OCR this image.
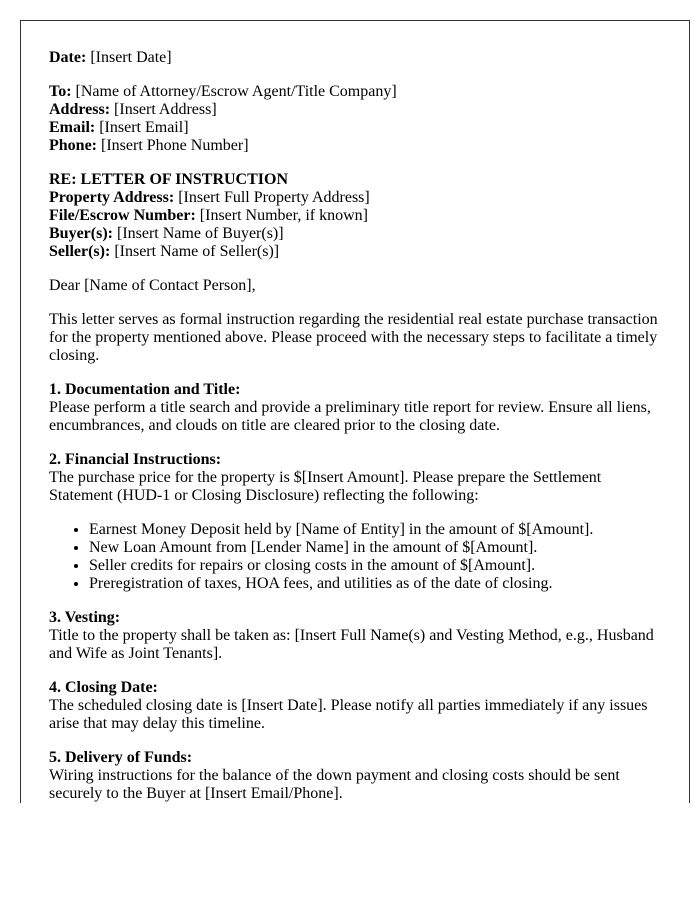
Date: [Insert Date]

To: [Name of Attorney/Escrow Agent/Title Company]

Address: [Insert Address]

Email: [Insert Email]

Phone: [Insert Phone Number]

RE: LETTER OF INSTRUCTION

Property Address: [Insert Full Property Address]

File/Escrow Number: [Insert Number, if known]

Buyer(s): [Insert Name of Buyer(s)]

Seller(s): [Insert Name of Seller(s)]

Dear [Name of Contact Person],

This letter serves as formal instruction regarding the residential real estate purchase transaction for the property mentioned above. Please proceed with the necessary steps to facilitate a timely closing.

1. Documentation and Title:

Please perform a title search and provide a preliminary title report for review. Ensure all liens, encumbrances, and clouds on title are cleared prior to the closing date.

2. Financial Instructions:

The purchase price for the property is $[Insert Amount]. Please prepare the Settlement Statement (HUD-1 or Closing Disclosure) reflecting the following:

• Earnest Money Deposit held by [Name of Entity] in the amount of $[Amount].
• New Loan Amount from [Lender Name] in the amount of $[Amount].
• Seller credits for repairs or closing costs in the amount of $[Amount].
• Preregistration of taxes, HOA fees, and utilities as of the date of closing.

3. Vesting:

Title to the property shall be taken as: [Insert Full Name(s) and Vesting Method, e.g., Husband and Wife as Joint Tenants].

4. Closing Date:

The scheduled closing date is [Insert Date]. Please notify all parties immediately if any issues arise that may delay this timeline.

5. Delivery of Funds:

Wiring instructions for the balance of the down payment and closing costs should be sent securely to the Buyer at [Insert Email/Phone].
